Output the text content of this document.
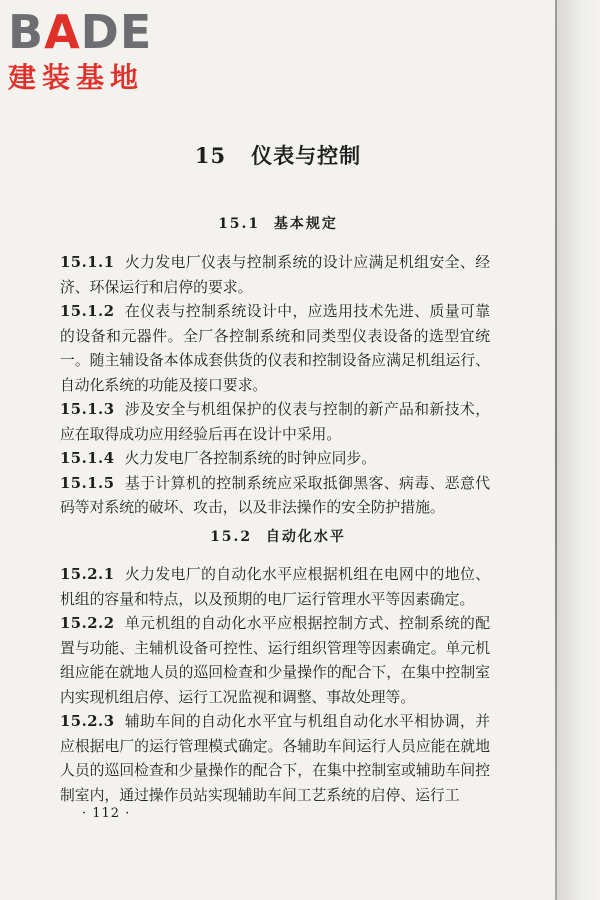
BADE
建装基地
15 仪表与控制
15.1 基本规定

15.1.1 火力发电厂仪表与控制系统的设计应满足机组安全、经济、环保运行和启停的要求。

15.1.2 在仪表与控制系统设计中，应选用技术先进、质量可靠的设备和元器件。全厂各控制系统和同类型仪表设备的选型宜统一。随主辅设备本体成套供货的仪表和控制设备应满足机组运行、自动化系统的功能及接口要求。

15.1.3 涉及安全与机组保护的仪表与控制的新产品和新技术，应在取得成功应用经验后再在设计中采用。

15.1.4 火力发电厂各控制系统的时钟应同步。

15.1.5 基于计算机的控制系统应采取抵御黑客、病毒、恶意代码等对系统的破坏、攻击，以及非法操作的安全防护措施。

15.2 自动化水平

15.2.1 火力发电厂的自动化水平应根据机组在电网中的地位、机组的容量和特点，以及预期的电厂运行管理水平等因素确定。

15.2.2 单元机组的自动化水平应根据控制方式、控制系统的配置与功能、主辅机设备可控性、运行组织管理等因素确定。单元机组应能在就地人员的巡回检查和少量操作的配合下，在集中控制室内实现机组启停、运行工况监视和调整、事故处理等。

15.2.3 辅助车间的自动化水平宜与机组自动化水平相协调，并应根据电厂的运行管理模式确定。各辅助车间运行人员应能在就地人员的巡回检查和少量操作的配合下，在集中控制室或辅助车间控制室内，通过操作员站实现辅助车间工艺系统的启停、运行工

· 112 ·
